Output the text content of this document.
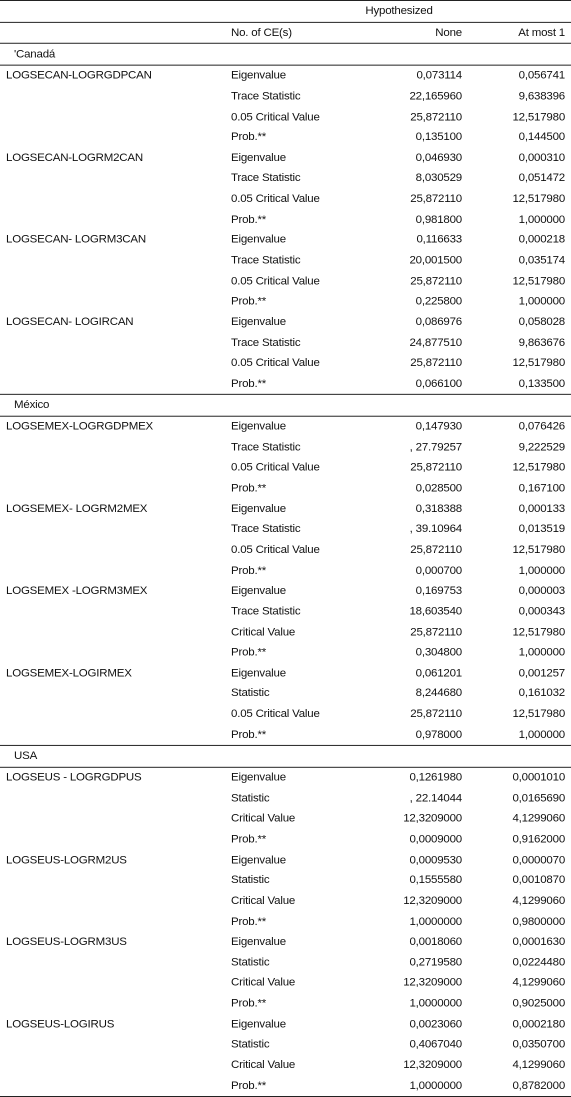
	Hypothesized		
	No. of CE(s)	None	At most 1
'Canadá			
LOGSECAN-LOGRGDPCAN	Eigenvalue	0,073114	0,056741
	Trace Statistic	22,165960	9,638396
	0.05 Critical Value	25,872110	12,517980
	Prob.**	0,135100	0,144500
LOGSECAN-LOGRM2CAN	Eigenvalue	0,046930	0,000310
	Trace Statistic	8,030529	0,051472
	0.05 Critical Value	25,872110	12,517980
	Prob.**	0,981800	1,000000
LOGSECAN- LOGRM3CAN	Eigenvalue	0,116633	0,000218
	Trace Statistic	20,001500	0,035174
	0.05 Critical Value	25,872110	12,517980
	Prob.**	0,225800	1,000000
LOGSECAN- LOGIRCAN	Eigenvalue	0,086976	0,058028
	Trace Statistic	24,877510	9,863676
	0.05 Critical Value	25,872110	12,517980
	Prob.**	0,066100	0,133500
México			
LOGSEMEX-LOGRGDPMEX	Eigenvalue	0,147930	0,076426
	Trace Statistic	, 27.79257	9,222529
	0.05 Critical Value	25,872110	12,517980
	Prob.**	0,028500	0,167100
LOGSEMEX- LOGRM2MEX	Eigenvalue	0,318388	0,000133
	Trace Statistic	, 39.10964	0,013519
	0.05 Critical Value	25,872110	12,517980
	Prob.**	0,000700	1,000000
LOGSEMEX -LOGRM3MEX	Eigenvalue	0,169753	0,000003
	Trace Statistic	18,603540	0,000343
	Critical Value	25,872110	12,517980
	Prob.**	0,304800	1,000000
LOGSEMEX-LOGIRMEX	Eigenvalue	0,061201	0,001257
	Statistic	8,244680	0,161032
	0.05 Critical Value	25,872110	12,517980
	Prob.**	0,978000	1,000000
USA			
LOGSEUS - LOGRGDPUS	Eigenvalue	0,1261980	0,0001010
	Statistic	, 22.14044	0,0165690
	Critical Value	12,3209000	4,1299060
	Prob.**	0,0009000	0,9162000
LOGSEUS-LOGRM2US	Eigenvalue	0,0009530	0,0000070
	Statistic	0,1555580	0,0010870
	Critical Value	12,3209000	4,1299060
	Prob.**	1,0000000	0,9800000
LOGSEUS-LOGRM3US	Eigenvalue	0,0018060	0,0001630
	Statistic	0,2719580	0,0224480
	Critical Value	12,3209000	4,1299060
	Prob.**	1,0000000	0,9025000
LOGSEUS-LOGIRUS	Eigenvalue	0,0023060	0,0002180
	Statistic	0,4067040	0,0350700
	Critical Value	12,3209000	4,1299060
	Prob.**	1,0000000	0,8782000
